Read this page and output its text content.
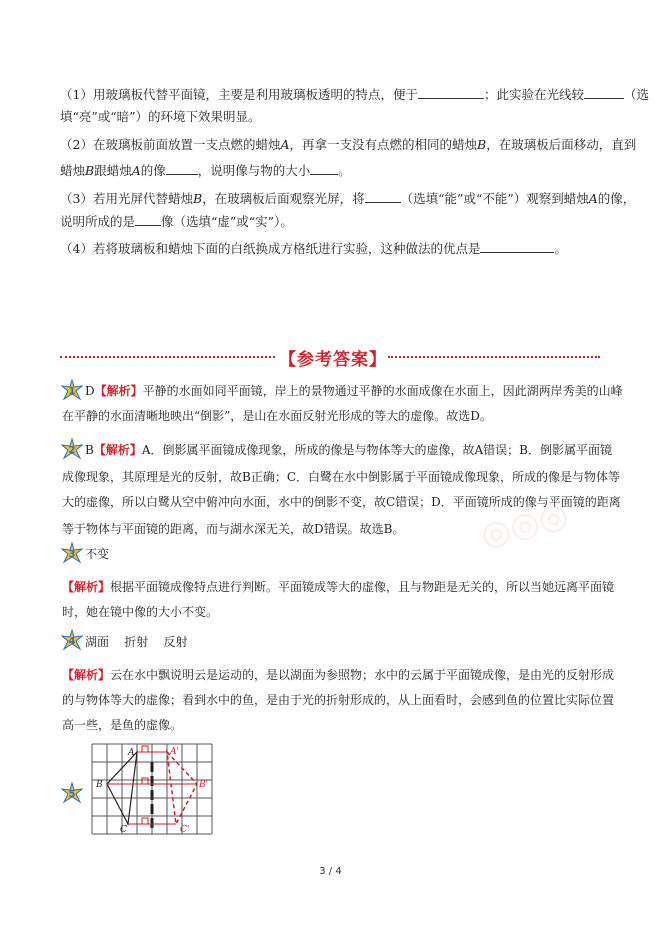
（1）用玻璃板代替平面镜，主要是利用玻璃板透明的特点，便于	；此实验在光线较	（选
填“亮”或“暗”）的环境下效果明显。
（2）在玻璃板前面放置一支点燃的蜡烛A，再拿一支没有点燃的相同的蜡烛B，在玻璃板后面移动，直到
蜡烛B跟蜡烛A的像	，说明像与物的大小 。
（3）若用光屏代替蜡烛B，在玻璃板后面观察光屏，将	（选填“能”或“不能”）观察到蜡烛A的像，
说明所成的是 像（选填“虚”或“实”）。
（4）若将玻璃板和蜡烛下面的白纸换成方格纸进行实验，这种做法的优点是	。
【参考答案】
◎◎◎
1 D【解析】平静的水面如同平面镜，岸上的景物通过平静的水面成像在水面上，因此湖两岸秀美的山峰
在平静的水面清晰地映出“倒影”，是山在水面反射光形成的等大的虚像。故选D。
2 B【解析】A．倒影属平面镜成像现象，所成的像是与物体等大的虚像，故A错误；B．倒影属平面镜
成像现象，其原理是光的反射，故B正确；C．白鹭在水中倒影属于平面镜成像现象，所成的像是与物体等
大的虚像，所以白鹭从空中俯冲向水面，水中的倒影不变，故C错误；D．平面镜所成的像与平面镜的距离
等于物体与平面镜的距离，而与湖水深无关，故D错误。故选B。
3 不变
【解析】根据平面镜成像特点进行判断。平面镜成等大的虚像，且与物距是无关的，所以当她远离平面镜
时，她在镜中像的大小不变。
4 湖面    折射    反射
【解析】云在水中飘说明云是运动的，是以湖面为参照物；水中的云属于平面镜成像，是由光的反射形成
的与物体等大的虚像；看到水中的鱼，是由于光的折射形成的，从上面看时，会感到鱼的位置比实际位置
高一些，是鱼的虚像。
5
A
B
C
A'
B'
C'
3 / 4
